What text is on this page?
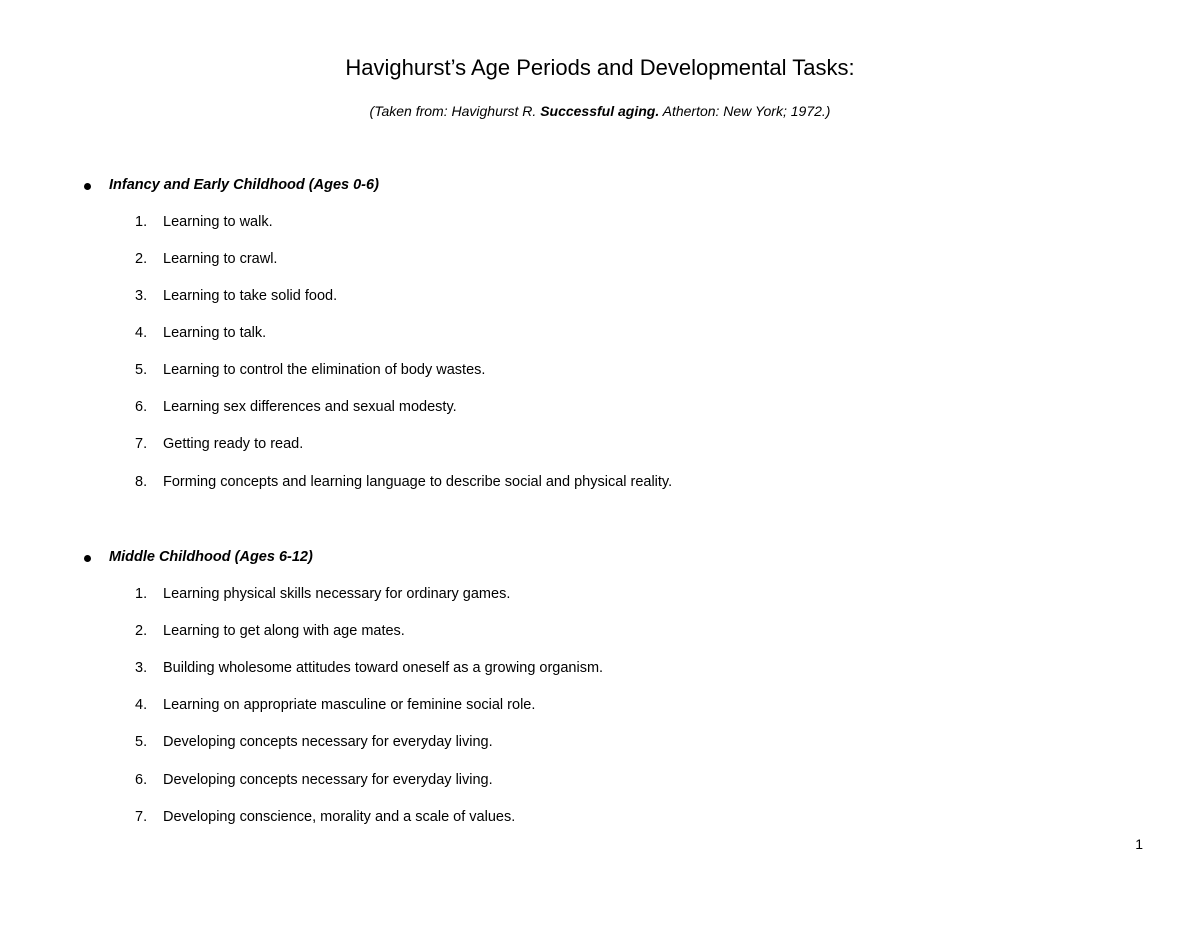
Havighurst’s Age Periods and Developmental Tasks:
(Taken from: Havighurst R. Successful aging. Atherton: New York; 1972.)
Infancy and Early Childhood (Ages 0-6)
1.	Learning to walk.
2.	Learning to crawl.
3.	Learning to take solid food.
4.	Learning to talk.
5.	Learning to control the elimination of body wastes.
6.	Learning sex differences and sexual modesty.
7.	Getting ready to read.
8.	Forming concepts and learning language to describe social and physical reality.
Middle Childhood (Ages 6-12)
1.	Learning physical skills necessary for ordinary games.
2.	Learning to get along with age mates.
3.	Building wholesome attitudes toward oneself as a growing organism.
4.	Learning on appropriate masculine or feminine social role.
5.	Developing concepts necessary for everyday living.
6.	Developing concepts necessary for everyday living.
7.	Developing conscience, morality and a scale of values.
1
